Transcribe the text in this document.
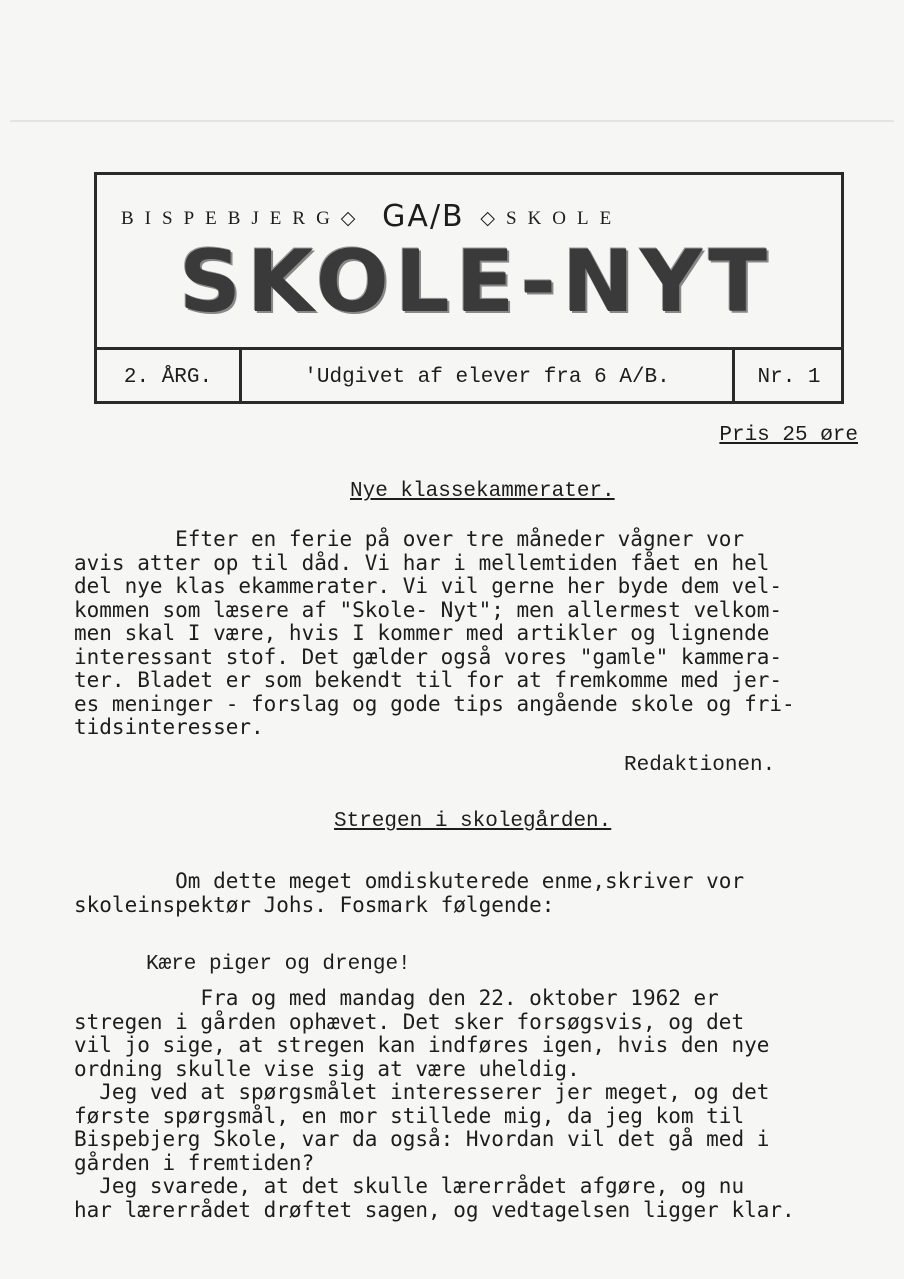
BISPEBJERG◇ GA/B ◇SKOLE
SKOLE-NYT
2. ÅRG.	'Udgivet af elever fra 6 A/B.	Nr. 1
Pris 25 øre
Nye klassekammerater.
Efter en ferie på over tre måneder vågner vor
avis atter op til dåd. Vi har i mellemtiden fået en hel
del nye klas ekammerater. Vi vil gerne her byde dem vel-
kommen som læsere af "Skole- Nyt"; men allermest velkom-
men skal I være, hvis I kommer med artikler og lignende
interessant stof. Det gælder også vores "gamle" kammera-
ter. Bladet er som bekendt til for at fremkomme med jer-
es meninger - forslag og gode tips angående skole og fri-
tidsinteresser.
Redaktionen.
Stregen i skolegården.
Om dette meget omdiskuterede enme,skriver vor
skoleinspektør Johs. Fosmark følgende:
Kære piger og drenge!
Fra og med mandag den 22. oktober 1962 er
stregen i gården ophævet. Det sker forsøgsvis, og det
vil jo sige, at stregen kan indføres igen, hvis den nye
ordning skulle vise sig at være uheldig.
Jeg ved at spørgsmålet interesserer jer meget, og det
første spørgsmål, en mor stillede mig, da jeg kom til
Bispebjerg Skole, var da også: Hvordan vil det gå med i
gården i fremtiden?
Jeg svarede, at det skulle lærerrådet afgøre, og nu
har lærerrådet drøftet sagen, og vedtagelsen ligger klar.
